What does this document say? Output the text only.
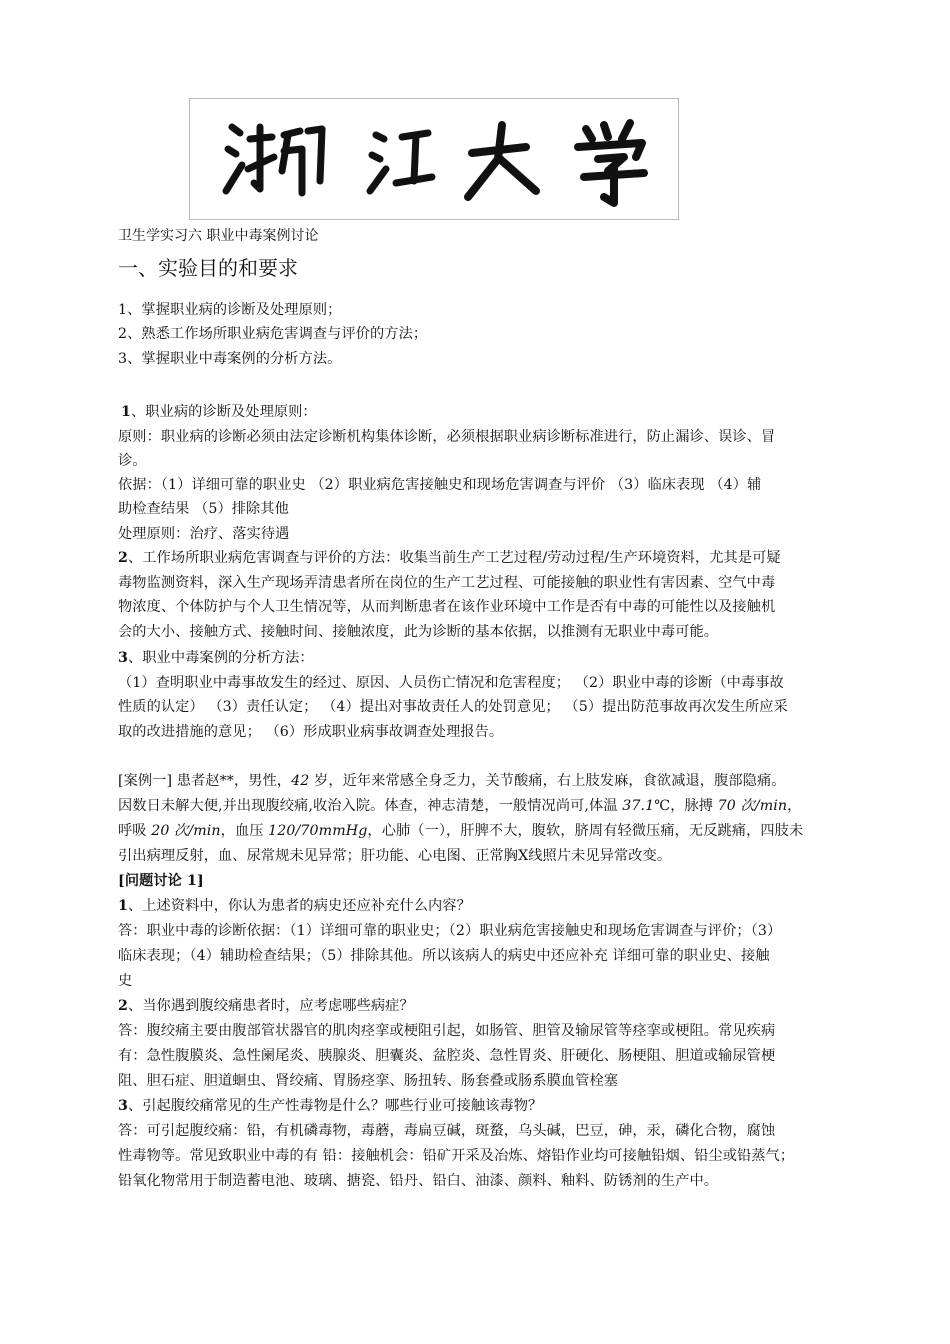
卫生学实习六 职业中毒案例讨论
一、实验目的和要求
1、掌握职业病的诊断及处理原则；
2、熟悉工作场所职业病危害调查与评价的方法；
3、掌握职业中毒案例的分析方法。
1、职业病的诊断及处理原则：
原则：职业病的诊断必须由法定诊断机构集体诊断，必须根据职业病诊断标准进行，防止漏诊、误诊、冒
诊。
依据：（1）详细可靠的职业史 （2）职业病危害接触史和现场危害调查与评价 （3）临床表现 （4）辅
助检查结果 （5）排除其他
处理原则：治疗、落实待遇
2、工作场所职业病危害调查与评价的方法：收集当前生产工艺过程/劳动过程/生产环境资料，尤其是可疑
毒物监测资料，深入生产现场弄清患者所在岗位的生产工艺过程、可能接触的职业性有害因素、空气中毒
物浓度、个体防护与个人卫生情况等，从而判断患者在该作业环境中工作是否有中毒的可能性以及接触机
会的大小、接触方式、接触时间、接触浓度，此为诊断的基本依据，以推测有无职业中毒可能。
3、职业中毒案例的分析方法：
（1）查明职业中毒事故发生的经过、原因、人员伤亡情况和危害程度； （2）职业中毒的诊断（中毒事故
性质的认定） （3）责任认定； （4）提出对事故责任人的处罚意见； （5）提出防范事故再次发生所应采
取的改进措施的意见； （6）形成职业病事故调查处理报告。
[案例一] 患者赵**，男性，42 岁，近年来常感全身乏力，关节酸痛，右上肢发麻，食欲减退，腹部隐痛。
因数日未解大便,并出现腹绞痛,收治入院。体查，神志清楚，一般情况尚可,体温 37.1℃，脉搏 70 次/min，
呼吸 20 次/min，血压 120/70mmHg，心肺（一），肝脾不大，腹软，脐周有轻微压痛，无反跳痛，四肢未
引出病理反射，血、尿常规未见异常；肝功能、心电图、正常胸X线照片未见异常改变。
[问题讨论 1]
1、上述资料中，你认为患者的病史还应补充什么内容？
答：职业中毒的诊断依据：（1）详细可靠的职业史；（2）职业病危害接触史和现场危害调查与评价；（3）
临床表现；（4）辅助检查结果；（5）排除其他。所以该病人的病史中还应补充 详细可靠的职业史、接触
史
2、当你遇到腹绞痛患者时，应考虑哪些病症？
答：腹绞痛主要由腹部管状器官的肌肉痉挛或梗阻引起，如肠管、胆管及输尿管等痉挛或梗阻。常见疾病
有：急性腹膜炎、急性阑尾炎、胰腺炎、胆囊炎、盆腔炎、急性胃炎、肝硬化、肠梗阻、胆道或输尿管梗
阻、胆石症、胆道蛔虫、肾绞痛、胃肠痉挛、肠扭转、肠套叠或肠系膜血管栓塞
3、引起腹绞痛常见的生产性毒物是什么？哪些行业可接触该毒物？
答：可引起腹绞痛：铅，有机磷毒物，毒蘑，毒扁豆碱，斑蝥，乌头碱，巴豆，砷，汞，磷化合物，腐蚀
性毒物等。常见致职业中毒的有 铅：接触机会：铅矿开采及冶炼、熔铅作业均可接触铅烟、铅尘或铅蒸气；
铅氧化物常用于制造蓄电池、玻璃、搪瓷、铅丹、铅白、油漆、颜料、釉料、防锈剂的生产中。
